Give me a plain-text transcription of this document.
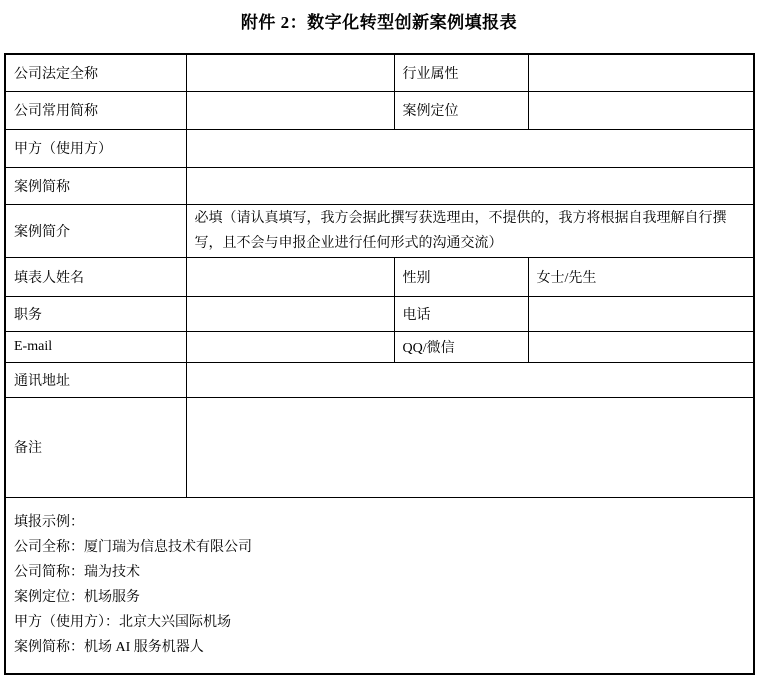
附件 2：数字化转型创新案例填报表
公司法定全称		行业属性	
公司常用简称		案例定位	
甲方（使用方）			
案例简称			
案例简介	必填（请认真填写，我方会据此撰写获选理由，不提供的，我方将根据自我理解自行撰写，且不会与申报企业进行任何形式的沟通交流）		
填表人姓名		性别	女士/先生
职务		电话	
E-mail		QQ/微信	
通讯地址			
备注			

填报示例：
公司全称：厦门瑞为信息技术有限公司
公司简称：瑞为技术
案例定位：机场服务
甲方（使用方）：北京大兴国际机场
案例简称：机场 AI 服务机器人
